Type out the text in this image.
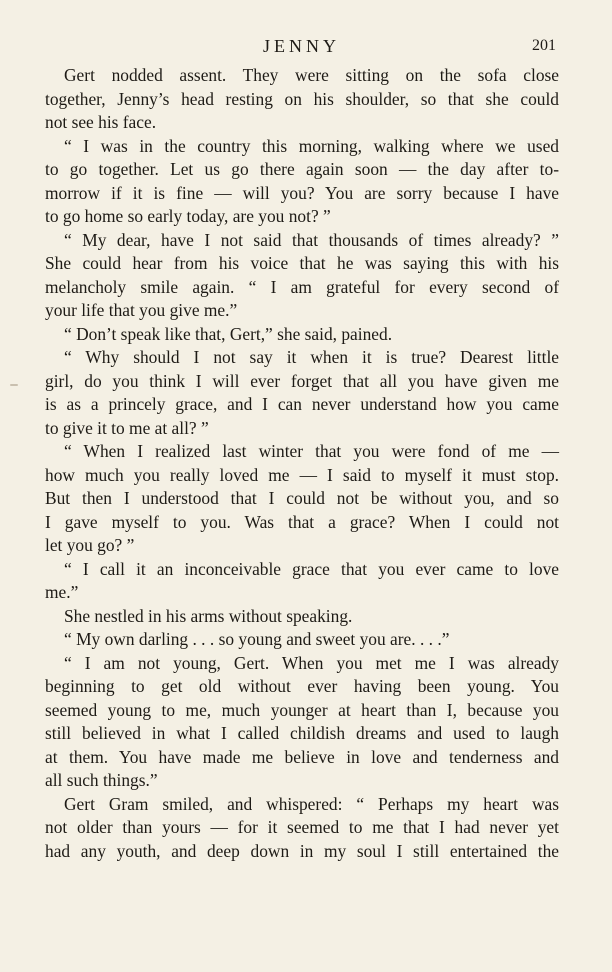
JENNY	201

Gert nodded assent. They were sitting on the sofa close
together, Jenny’s head resting on his shoulder, so that she could
not see his face.

“ I was in the country this morning, walking where we used
to go together. Let us go there again soon — the day after to-
morrow if it is fine — will you? You are sorry because I have
to go home so early today, are you not? ”

“ My dear, have I not said that thousands of times already? ”
She could hear from his voice that he was saying this with his
melancholy smile again. “ I am grateful for every second of
your life that you give me.”

“ Don’t speak like that, Gert,” she said, pained.

“ Why should I not say it when it is true? Dearest little
girl, do you think I will ever forget that all you have given me
is as a princely grace, and I can never understand how you came
to give it to me at all? ”

“ When I realized last winter that you were fond of me —
how much you really loved me — I said to myself it must stop.
But then I understood that I could not be without you, and so
I gave myself to you. Was that a grace? When I could not
let you go? ”

“ I call it an inconceivable grace that you ever came to love
me.”

She nestled in his arms without speaking.

“ My own darling . . . so young and sweet you are. . . .”

“ I am not young, Gert. When you met me I was already
beginning to get old without ever having been young. You
seemed young to me, much younger at heart than I, because you
still believed in what I called childish dreams and used to laugh
at them. You have made me believe in love and tenderness and
all such things.”

Gert Gram smiled, and whispered: “ Perhaps my heart was
not older than yours — for it seemed to me that I had never yet
had any youth, and deep down in my soul I still entertained the
